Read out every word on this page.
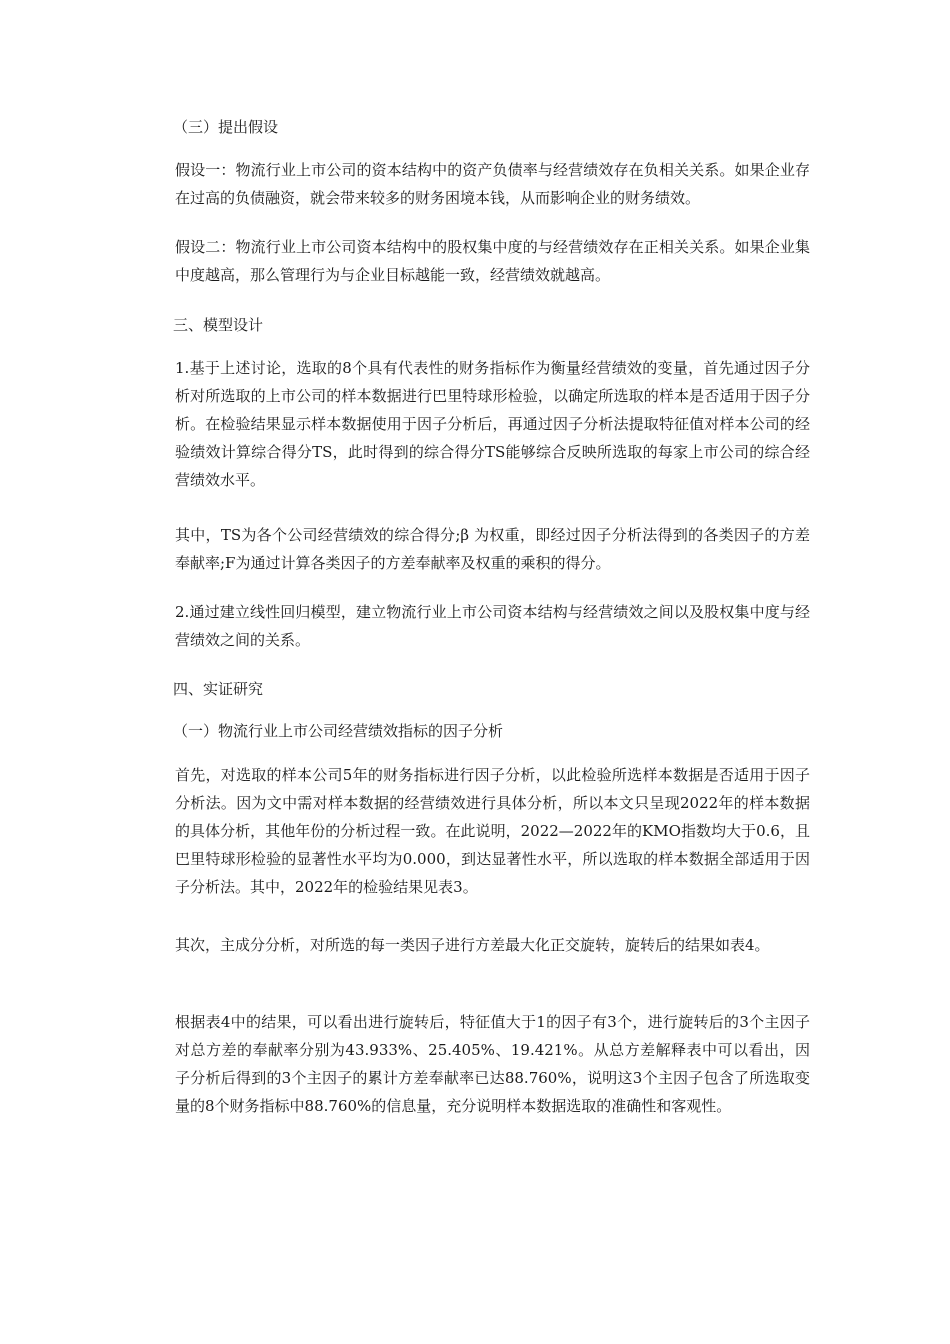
（三）提出假设
假设一：物流行业上市公司的资本结构中的资产负债率与经营绩效存在负相关关系。如果企业存在过高的负债融资，就会带来较多的财务困境本钱，从而影响企业的财务绩效。
假设二：物流行业上市公司资本结构中的股权集中度的与经营绩效存在正相关关系。如果企业集中度越高，那么管理行为与企业目标越能一致，经营绩效就越高。
三、模型设计
1.基于上述讨论，选取的8个具有代表性的财务指标作为衡量经营绩效的变量，首先通过因子分析对所选取的上市公司的样本数据进行巴里特球形检验，以确定所选取的样本是否适用于因子分析。在检验结果显示样本数据使用于因子分析后，再通过因子分析法提取特征值对样本公司的经验绩效计算综合得分TS，此时得到的综合得分TS能够综合反映所选取的每家上市公司的综合经营绩效水平。
其中，TS为各个公司经营绩效的综合得分;β 为权重，即经过因子分析法得到的各类因子的方差奉献率;F为通过计算各类因子的方差奉献率及权重的乘积的得分。
2.通过建立线性回归模型，建立物流行业上市公司资本结构与经营绩效之间以及股权集中度与经营绩效之间的关系。
四、实证研究
（一）物流行业上市公司经营绩效指标的因子分析
首先，对选取的样本公司5年的财务指标进行因子分析，以此检验所选样本数据是否适用于因子分析法。因为文中需对样本数据的经营绩效进行具体分析，所以本文只呈现2022年的样本数据的具体分析，其他年份的分析过程一致。在此说明，2022—2022年的KMO指数均大于0.6，且巴里特球形检验的显著性水平均为0.000，到达显著性水平，所以选取的样本数据全部适用于因子分析法。其中，2022年的检验结果见表3。
其次，主成分分析，对所选的每一类因子进行方差最大化正交旋转，旋转后的结果如表4。
根据表4中的结果，可以看出进行旋转后，特征值大于1的因子有3个，进行旋转后的3个主因子对总方差的奉献率分别为43.933%、25.405%、19.421%。从总方差解释表中可以看出，因子分析后得到的3个主因子的累计方差奉献率已达88.760%，说明这3个主因子包含了所选取变量的8个财务指标中88.760%的信息量，充分说明样本数据选取的准确性和客观性。
